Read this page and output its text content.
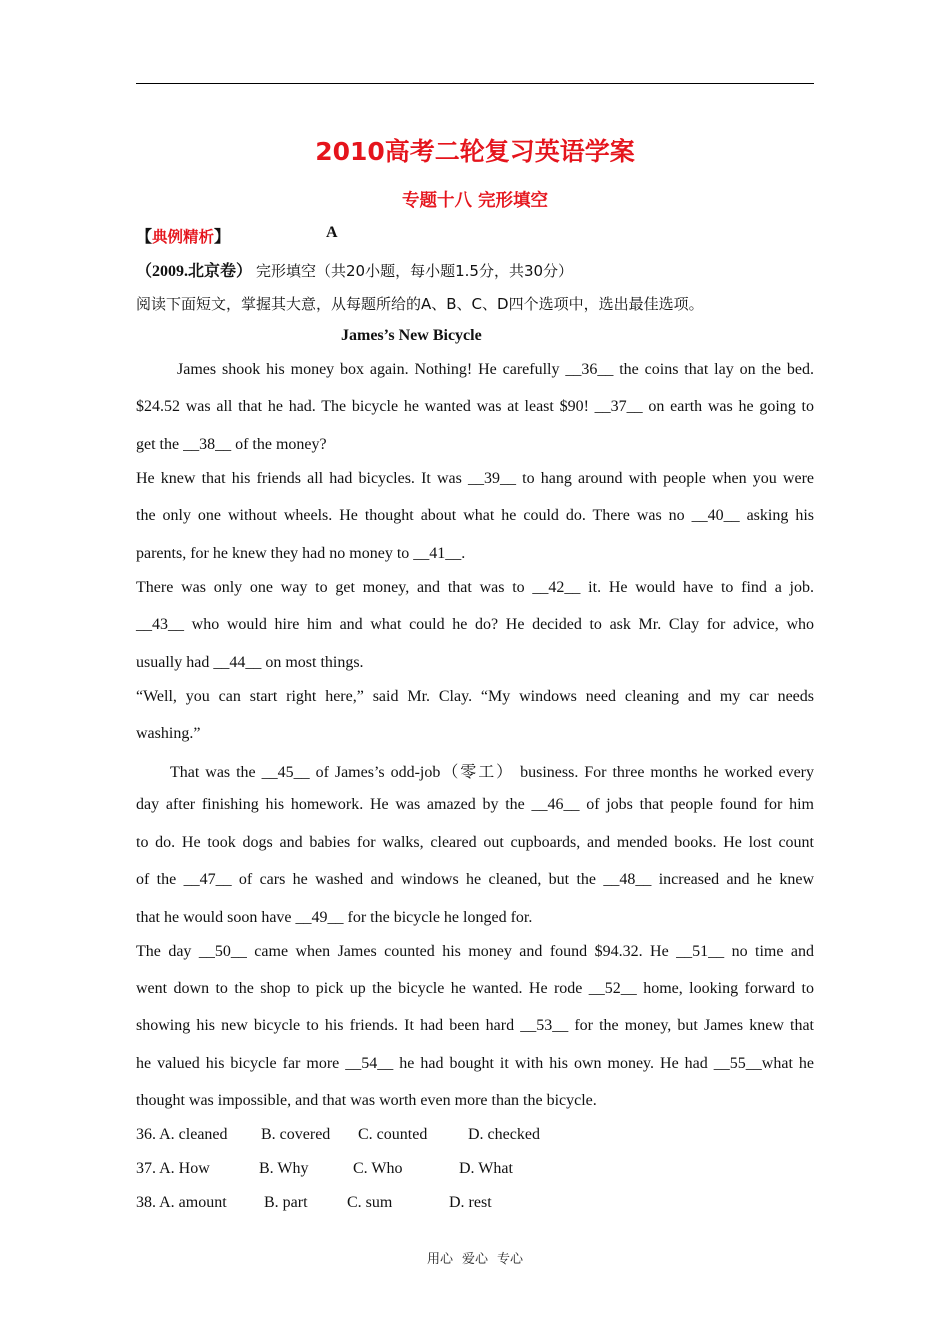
2010高考二轮复习英语学案
专题十八 完形填空
【典例精析】	A
（2009.北京卷） 完形填空（共20小题，每小题1.5分，共30分）
阅读下面短文，掌握其大意，从每题所给的A、B、C、D四个选项中，选出最佳选项。
James’s New Bicycle
James shook his money box again. Nothing! He carefully __36__ the coins that lay on the bed.
$24.52 was all that he had. The bicycle he wanted was at least $90! __37__ on earth was he going to
get the __38__ of the money?
He knew that his friends all had bicycles. It was __39__ to hang around with people when you were
the only one without wheels. He thought about what he could do. There was no __40__ asking his
parents, for he knew they had no money to __41__.
There was only one way to get money, and that was to __42__ it. He would have to find a job.
__43__ who would hire him and what could he do? He decided to ask Mr. Clay for advice, who
usually had __44__ on most things.
“Well, you can start right here,” said Mr. Clay. “My windows need cleaning and my car needs
washing.”
That was the __45__ of James’s odd-job（零工） business. For three months he worked every
day after finishing his homework. He was amazed by the __46__ of jobs that people found for him
to do. He took dogs and babies for walks, cleared out cupboards, and mended books. He lost count
of the __47__ of cars he washed and windows he cleaned, but the __48__ increased and he knew
that he would soon have __49__ for the bicycle he longed for.
The day __50__ came when James counted his money and found $94.32. He __51__ no time and
went down to the shop to pick up the bicycle he wanted. He rode __52__ home, looking forward to
showing his new bicycle to his friends. It had been hard __53__ for the money, but James knew that
he valued his bicycle far more __54__ he had bought it with his own money. He had __55__what he
thought was impossible, and that was worth even more than the bicycle.
36. A. cleaned B. covered C. counted	D. checked
37. A. How	B. Why	C. Who	D. What
38. A. amount B. part C. sum	D. rest
用心 爱心 专心
